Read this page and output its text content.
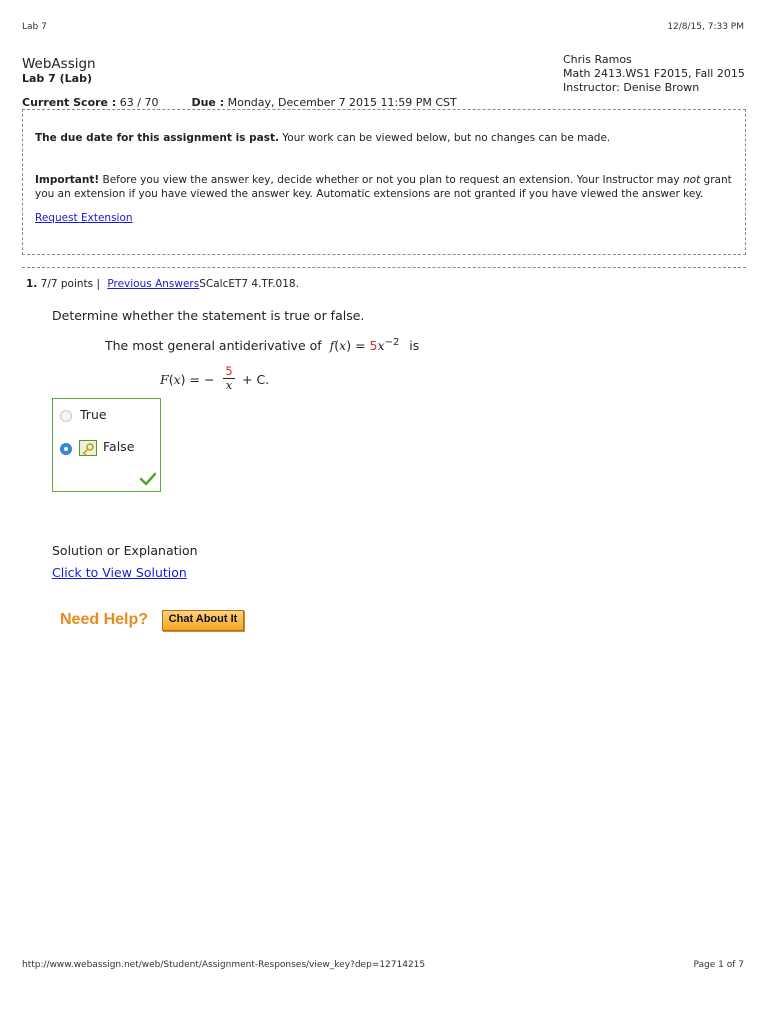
Lab 7	12/8/15, 7:33 PM
WebAssign
Lab 7 (Lab)
Chris Ramos
Math 2413.WS1 F2015, Fall 2015
Instructor: Denise Brown
Current Score : 63 / 70	Due : Monday, December 7 2015 11:59 PM CST

The due date for this assignment is past. Your work can be viewed below, but no changes can be made.

Important! Before you view the answer key, decide whether or not you plan to request an extension. Your Instructor may not grant you an extension if you have viewed the answer key. Automatic extensions are not granted if you have viewed the answer key.

Request Extension

1. 7/7 points | Previous AnswersSCalcET7 4.TF.018.
Determine whether the statement is true or false.
The most general antiderivative of $f(x) = 5x^{-2}$ is
F(x) = −
5
x + C.
True
False
Solution or Explanation
Click to View Solution
Need Help?	Chat About It
http://www.webassign.net/web/Student/Assignment-Responses/view_key?dep=12714215	Page 1 of 7
